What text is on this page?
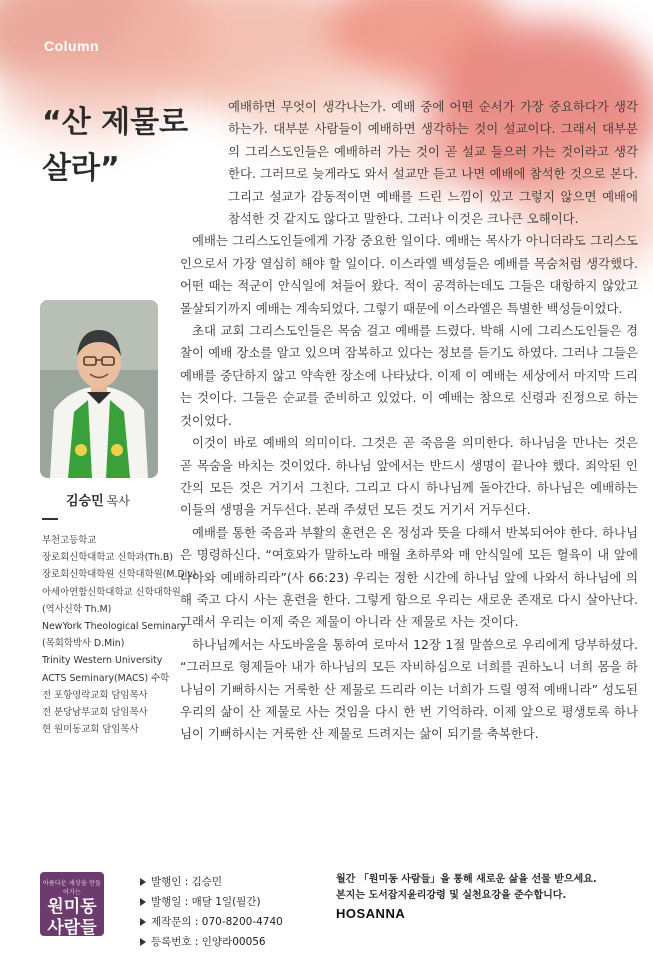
Column
“산 제물로
살라”

예배하면 무엇이 생각나는가. 예배 중에 어떤 순서가 가장 중요하다가 생각하는가. 대부분 사람들이 예배하면 생각하는 것이 설교이다. 그래서 대부분의 그리스도인들은 예배하러 가는 것이 곧 설교 들으러 가는 것이라고 생각한다. 그러므로 늦게라도 와서 설교만 듣고 나면 예배에 참석한 것으로 본다. 그리고 설교가 감동적이면 예배를 드린 느낌이 있고 그렇지 않으면 예배에 참석한 것 같지도 않다고 말한다. 그러나 이것은 크나큰 오해이다.

예배는 그리스도인들에게 가장 중요한 일이다. 예배는 목사가 아니더라도 그리스도인으로서 가장 열심히 해야 할 일이다. 이스라엘 백성들은 예배를 목숨처럼 생각했다. 어떤 때는 적군이 안식일에 쳐들어 왔다. 적이 공격하는데도 그들은 대항하지 않았고 몰살되기까지 예배는 계속되었다. 그렇기 때문에 이스라엘은 특별한 백성들이었다.

초대 교회 그리스도인들은 목숨 걸고 예배를 드렸다. 박해 시에 그리스도인들은 경찰이 예배 장소를 알고 있으며 잠복하고 있다는 정보를 듣기도 하였다. 그러나 그들은 예배를 중단하지 않고 약속한 장소에 나타났다. 이제 이 예배는 세상에서 마지막 드리는 것이다. 그들은 순교를 준비하고 있었다. 이 예배는 참으로 신령과 진정으로 하는 것이었다.

이것이 바로 예배의 의미이다. 그것은 곧 죽음을 의미한다. 하나님을 만나는 것은 곧 목숨을 바치는 것이었다. 하나님 앞에서는 반드시 생명이 끝나야 했다. 죄악된 인간의 모든 것은 거기서 그친다. 그리고 다시 하나님께 돌아간다. 하나님은 예배하는 이들의 생명을 거두신다. 본래 주셨던 모든 것도 거기서 거두신다.

예배를 통한 죽음과 부활의 훈련은 온 정성과 뜻을 다해서 반복되어야 한다. 하나님은 명령하신다. “여호와가 말하노라 매월 초하루와 매 안식일에 모든 혈육이 내 앞에 나아와 예배하리라”(사 66:23) 우리는 정한 시간에 하나님 앞에 나와서 하나님에 의해 죽고 다시 사는 훈련을 한다. 그렇게 함으로 우리는 새로운 존재로 다시 살아난다. 그래서 우리는 이제 죽은 제물이 아니라 산 제물로 사는 것이다.

하나님께서는 사도바울을 통하여 로마서 12장 1절 말씀으로 우리에게 당부하셨다. “그러므로 형제들아 내가 하나님의 모든 자비하심으로 너희를 권하노니 너희 몸을 하나님이 기뻐하시는 거룩한 산 제물로 드리라 이는 너희가 드릴 영적 예배니라” 성도된 우리의 삶이 산 제물로 사는 것임을 다시 한 번 기억하라. 이제 앞으로 평생토록 하나님이 기뻐하시는 거룩한 산 제물로 드려지는 삶이 되기를 축복한다.

김승민 목사
부천고등학교
장로회신학대학교 신학과(Th.B)
장로회신학대학원 신학대학원(M.Div)
아세아연합신학대학교 신학대학원
(역사신학 Th.M)
NewYork Theological Seminary
(목회학박사 D.Min)
Trinity Western University
ACTS Seminary(MACS) 수학
전 포항영락교회 담임목사
전 분당남부교회 담임목사
현 원미동교회 담임목사
아름다운 세상을 만들어가는
원미동
사람들
발행인 : 김승민
발행일 : 매달 1일(월간)
제작문의 : 070-8200-4740
등록번호 : 인양라00056
월간 「원미동 사람들」을 통해 새로운 삶을 선물 받으세요.
본지는 도서잡지윤리강령 및 실천요강을 준수합니다.
HOSANNA
